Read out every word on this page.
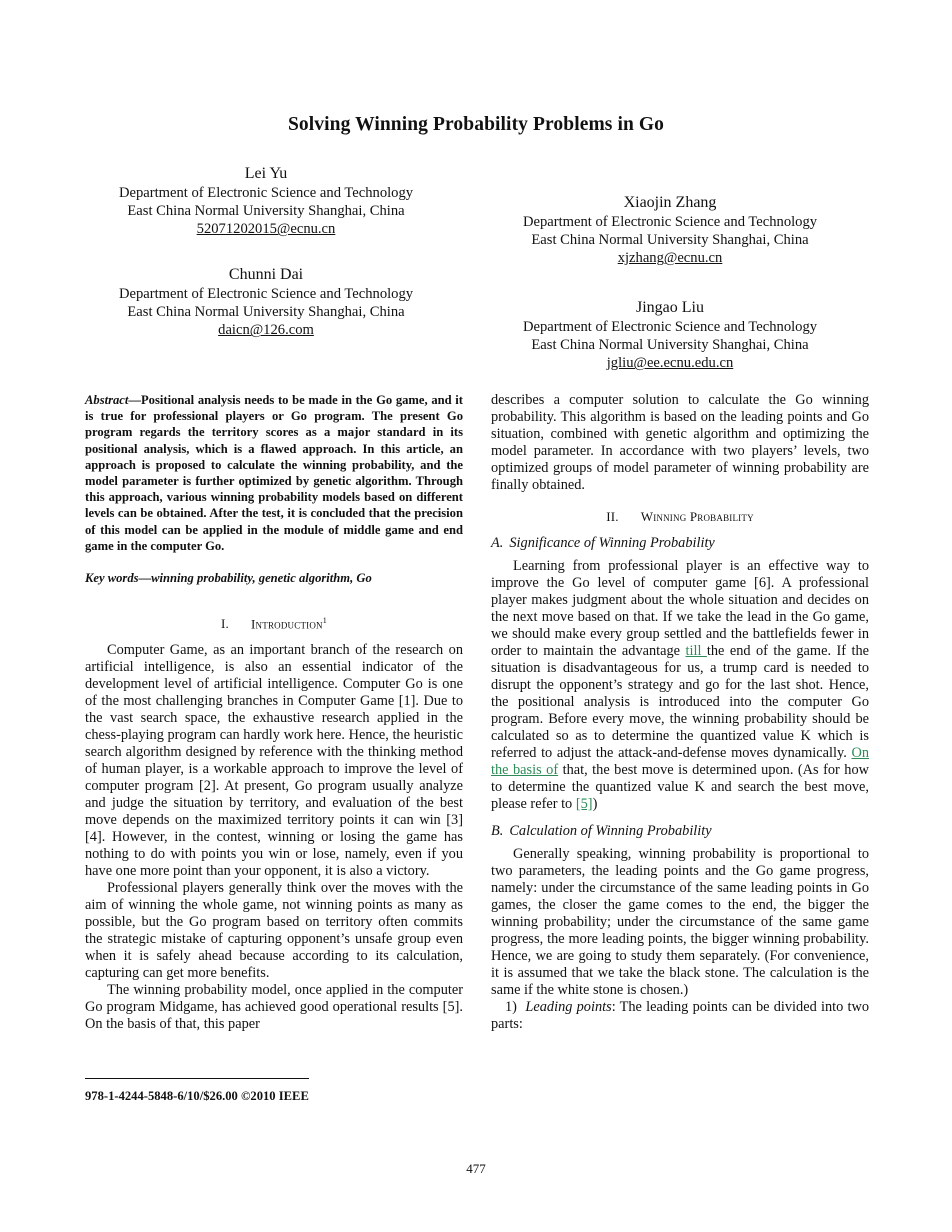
Solving Winning Probability Problems in Go
Lei Yu
Department of Electronic Science and Technology
East China Normal University Shanghai, China
52071202015@ecnu.cn
Chunni Dai
Department of Electronic Science and Technology
East China Normal University Shanghai, China
daicn@126.com
Xiaojin Zhang
Department of Electronic Science and Technology
East China Normal University Shanghai, China
xjzhang@ecnu.cn
Jingao Liu
Department of Electronic Science and Technology
East China Normal University Shanghai, China
jgliu@ee.ecnu.edu.cn

Abstract—Positional analysis needs to be made in the Go game, and it is true for professional players or Go program. The present Go program regards the territory scores as a major standard in its positional analysis, which is a flawed approach. In this article, an approach is proposed to calculate the winning probability, and the model parameter is further optimized by genetic algorithm. Through this approach, various winning probability models based on different levels can be obtained. After the test, it is concluded that the precision of this model can be applied in the module of middle game and end game in the computer Go.

Key words—winning probability, genetic algorithm, Go

I. Introduction$^1$

Computer Game, as an important branch of the research on artificial intelligence, is also an essential indicator of the development level of artificial intelligence. Computer Go is one of the most challenging branches in Computer Game [1]. Due to the vast search space, the exhaustive research applied in the chess-playing program can hardly work here. Hence, the heuristic search algorithm designed by reference with the thinking method of human player, is a workable approach to improve the level of computer program [2]. At present, Go program usually analyze and judge the situation by territory, and evaluation of the best move depends on the maximized territory points it can win [3][4]. However, in the contest, winning or losing the game has nothing to do with points you win or lose, namely, even if you have one more point than your opponent, it is also a victory.

Professional players generally think over the moves with the aim of winning the whole game, not winning points as many as possible, but the Go program based on territory often commits the strategic mistake of capturing opponent’s unsafe group even when it is safely ahead because according to its calculation, capturing can get more benefits.

The winning probability model, once applied in the computer Go program Midgame, has achieved good operational results [5]. On the basis of that, this paper

describes a computer solution to calculate the Go winning probability. This algorithm is based on the leading points and Go situation, combined with genetic algorithm and optimizing the model parameter. In accordance with two players’ levels, two optimized groups of model parameter of winning probability are finally obtained.

II. Winning Probability
A. Significance of Winning Probability

Learning from professional player is an effective way to improve the Go level of computer game [6]. A professional player makes judgment about the whole situation and decides on the next move based on that. If we take the lead in the Go game, we should make every group settled and the battlefields fewer in order to maintain the advantage till the end of the game. If the situation is disadvantageous for us, a trump card is needed to disrupt the opponent’s strategy and go for the last shot. Hence, the positional analysis is introduced into the computer Go program. Before every move, the winning probability should be calculated so as to determine the quantized value K which is referred to adjust the attack-and-defense moves dynamically. On the basis of that, the best move is determined upon. (As for how to determine the quantized value K and search the best move, please refer to [5])

B. Calculation of Winning Probability

Generally speaking, winning probability is proportional to two parameters, the leading points and the Go game progress, namely: under the circumstance of the same leading points in Go games, the closer the game comes to the end, the bigger the winning probability; under the circumstance of the same game progress, the more leading points, the bigger winning probability. Hence, we are going to study them separately. (For convenience, it is assumed that we take the black stone. The calculation is the same if the white stone is chosen.)

1) Leading points: The leading points can be divided into two parts:

978-1-4244-5848-6/10/$26.00 ©2010 IEEE
477
